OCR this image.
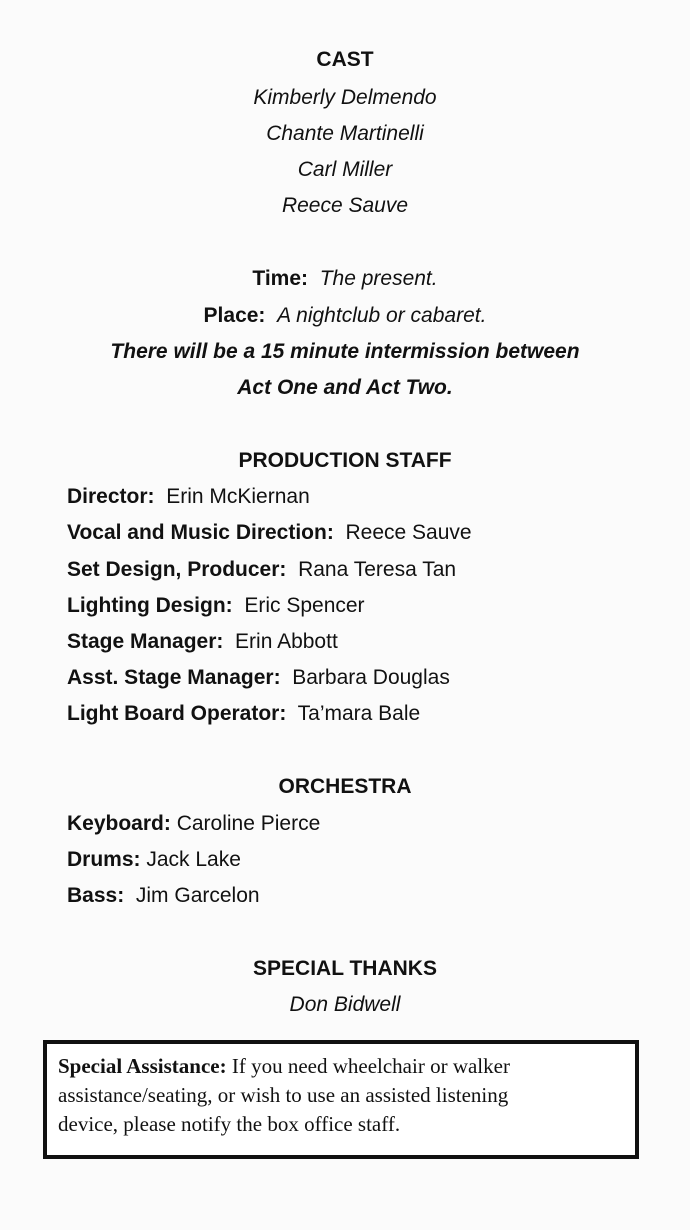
CAST
Kimberly Delmendo
Chante Martinelli
Carl Miller
Reece Sauve
Time: The present.
Place: A nightclub or cabaret.
There will be a 15 minute intermission between
Act One and Act Two.
PRODUCTION STAFF
Director: Erin McKiernan
Vocal and Music Direction: Reece Sauve
Set Design, Producer: Rana Teresa Tan
Lighting Design: Eric Spencer
Stage Manager: Erin Abbott
Asst. Stage Manager: Barbara Douglas
Light Board Operator: Ta’mara Bale
ORCHESTRA
Keyboard: Caroline Pierce
Drums: Jack Lake
Bass: Jim Garcelon
SPECIAL THANKS
Don Bidwell
Special Assistance: If you need wheelchair or walker
assistance/seating, or wish to use an assisted listening
device, please notify the box office staff.
